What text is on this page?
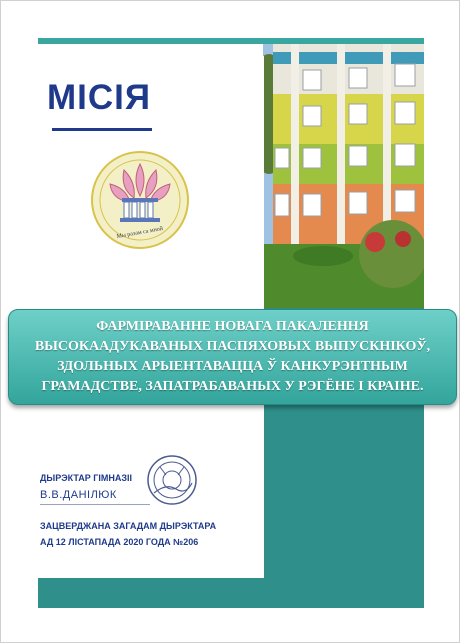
МІСІЯ
Мы разам са мной

ФАРМІРАВАННЕ НОВАГА ПАКАЛЕННЯ
ВЫСОКААДУКАВАНЫХ ПАСПЯХОВЫХ ВЫПУСКНІКОЎ,
ЗДОЛЬНЫХ АРЫЕНТАВАЦЦА Ў КАНКУРЭНТНЫМ
ГРАМАДСТВЕ, ЗАПАТРАБАВАНЫХ У РЭГЁНЕ І КРАІНЕ.

ДЫРЭКТАР ГІМНАЗІІ
В.В.ДАНІЛЮК
ЗАЦВЕРДЖАНА ЗАГАДАМ ДЫРЭКТАРА
АД 12 ЛІСТАПАДА 2020 ГОДА №206
